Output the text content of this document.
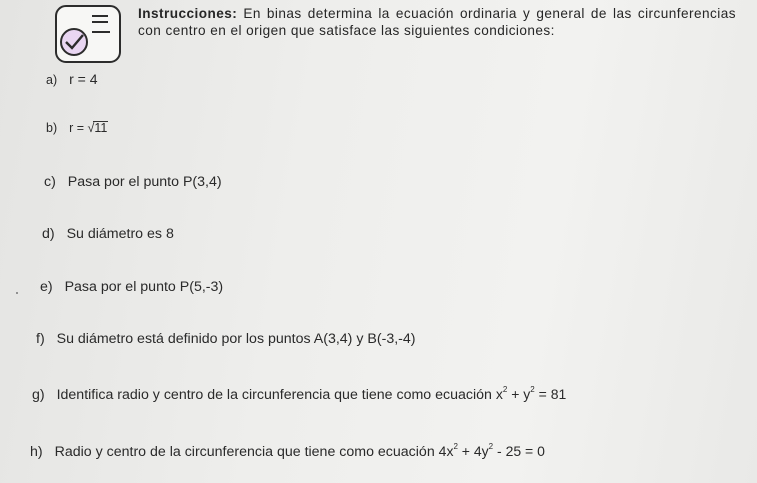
Instrucciones: En binas determina la ecuación ordinaria y general de las circunferencias con centro en el origen que satisface las siguientes condiciones:
a) r = 4
b) r = √11
c) Pasa por el punto P(3,4)
d) Su diámetro es 8
e) Pasa por el punto P(5,-3)
f) Su diámetro está definido por los puntos A(3,4) y B(-3,-4)
g) Identifica radio y centro de la circunferencia que tiene como ecuación $x^2 + y^2 = 81$
h) Radio y centro de la circunferencia que tiene como ecuación $4x^2 + 4y^2 - 25 = 0$
